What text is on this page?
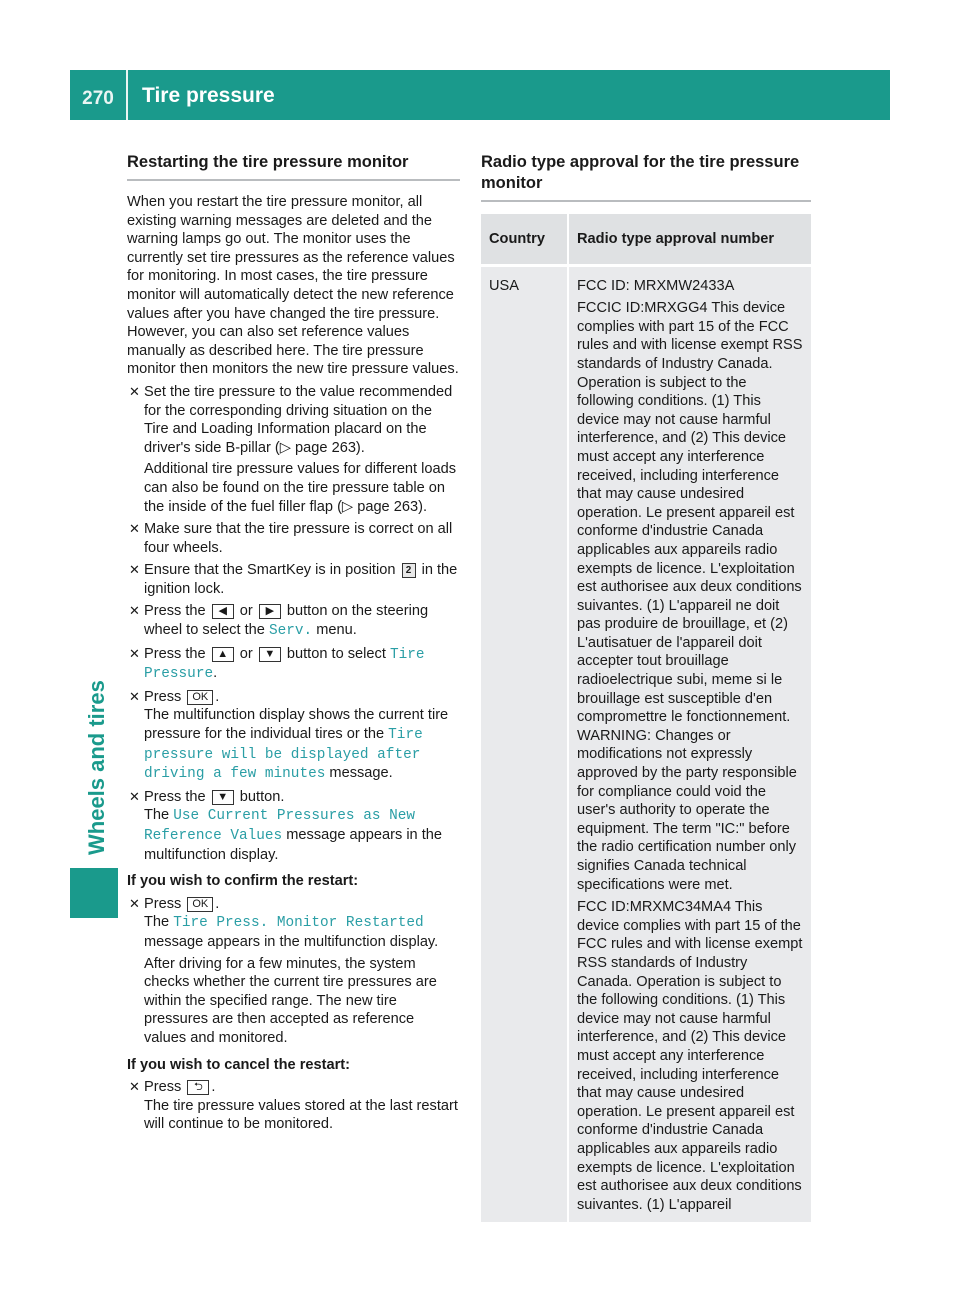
270	Tire pressure
Wheels and tires
Restarting the tire pressure monitor

When you restart the tire pressure monitor, all existing warning messages are deleted and the warning lamps go out. The monitor uses the currently set tire pressures as the reference values for monitoring. In most cases, the tire pressure monitor will automatically detect the new reference values after you have changed the tire pressure. However, you can also set reference values manually as described here. The tire pressure monitor then monitors the new tire pressure values.

✕ Set the tire pressure to the value recommended for the corresponding driving situation on the Tire and Loading Information placard on the driver's side B-pillar (▷ page 263).

Additional tire pressure values for different loads can also be found on the tire pressure table on the inside of the fuel filler flap (▷ page 263).

✕ Make sure that the tire pressure is correct on all four wheels.

✕ Ensure that the SmartKey is in position 2 in the ignition lock.

✕ Press the ◀ or ▶ button on the steering wheel to select the Serv. menu.

✕ Press the ▲ or ▼ button to select Tire Pressure.

✕ Press OK .
The multifunction display shows the current tire pressure for the individual tires or the Tire pressure will be displayed after driving a few minutes message.

✕ Press the ▼ button.
The Use Current Pressures as New Reference Values message appears in the multifunction display.

If you wish to confirm the restart:

✕ Press OK .
The Tire Press. Monitor Restarted message appears in the multifunction display.

After driving for a few minutes, the system checks whether the current tire pressures are within the specified range. The new tire pressures are then accepted as reference values and monitored.

If you wish to cancel the restart:

✕ Press ⮌ .
The tire pressure values stored at the last restart will continue to be monitored.

Radio type approval for the tire pressure monitor
Country	Radio type approval number
USA	FCC ID: MRXMW2433A

FCCIC ID:MRXGG4 This device complies with part 15 of the FCC rules and with license exempt RSS standards of Industry Canada. Operation is subject to the following conditions. (1) This device may not cause harmful interference, and (2) This device must accept any interference received, including interference that may cause undesired operation. Le present appareil est conforme d'industrie Canada applicables aux appareils radio exempts de licence. L'exploitation est authorisee aux deux conditions suivantes. (1) L'appareil ne doit pas produire de brouillage, et (2) L'autisatuer de l'appareil doit accepter tout brouillage radioelectrique subi, meme si le brouillage est susceptible d'en compromettre le fonctionnement. WARNING: Changes or modifications not expressly approved by the party responsible for compliance could void the user's authority to operate the equipment. The term "IC:" before the radio certification number only signifies Canada technical specifications were met.

FCC ID:MRXMC34MA4 This device complies with part 15 of the FCC rules and with license exempt RSS standards of Industry Canada. Operation is subject to the following conditions. (1) This device may not cause harmful interference, and (2) This device must accept any interference received, including interference that may cause undesired operation. Le present appareil est conforme d'industrie Canada applicables aux appareils radio exempts de licence. L'exploitation est authorisee aux deux conditions suivantes. (1) L'appareil
